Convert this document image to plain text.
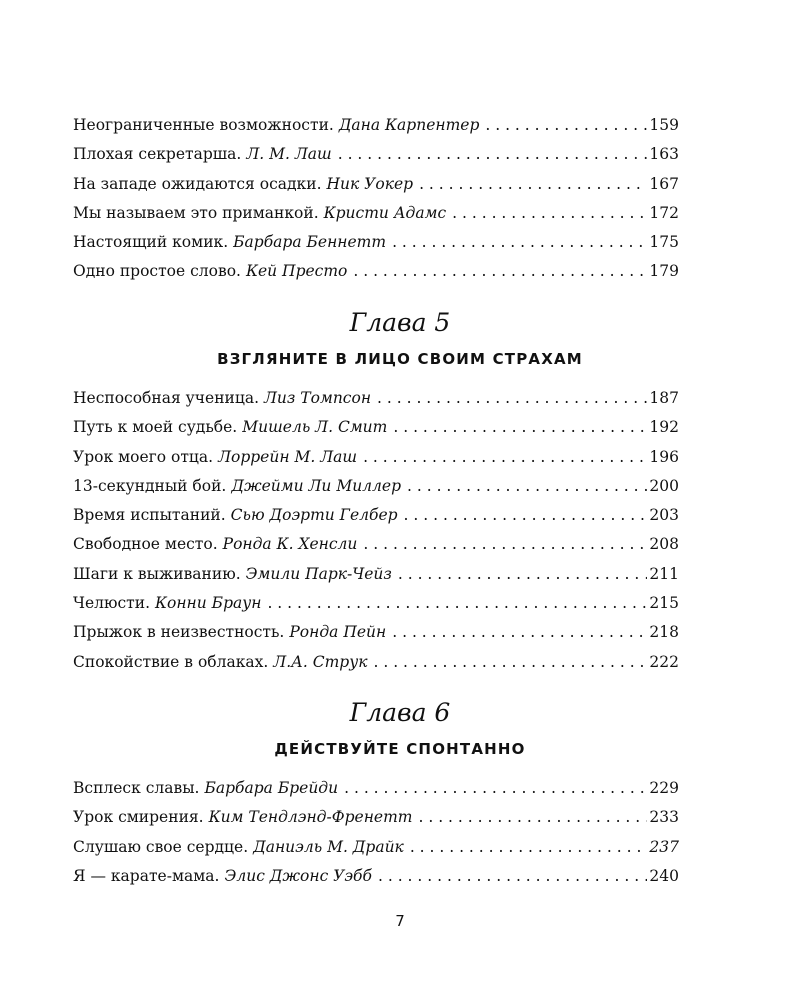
Неограниченные возможности. Дана Карпентер . . .	159
Плохая секретарша. Л. М. Лаш . . .	163
На западе ожидаются осадки. Ник Уокер . . .	167
Мы называем это приманкой. Кристи Адамс . . .	172
Настоящий комик. Барбара Беннетт . . .	175
Одно простое слово. Кей Престо . . .	179
Глава 5
ВЗГЛЯНИТЕ В ЛИЦО СВОИМ СТРАХАМ
Неспособная ученица. Лиз Томпсон . . .	187
Путь к моей судьбе. Мишель Л. Смит . . .	192
Урок моего отца. Лоррейн М. Лаш . . .	196
13-секундный бой. Джейми Ли Миллер . . .	200
Время испытаний. Сью Доэрти Гелбер . . .	203
Свободное место. Ронда К. Хенсли . . .	208
Шаги к выживанию. Эмили Парк-Чейз . . .	211
Челюсти. Конни Браун . . .	215
Прыжок в неизвестность. Ронда Пейн . . .	218
Спокойствие в облаках. Л.А. Струк . . .	222
Глава 6
ДЕЙСТВУЙТЕ СПОНТАННО
Всплеск славы. Барбара Брейди . . .	229
Урок смирения. Ким Тендлэнд-Френетт . . .	233
Слушаю свое сердце. Даниэль М. Драйк . . .	237
Я — карате-мама. Элис Джонс Уэбб . . .	240
7
